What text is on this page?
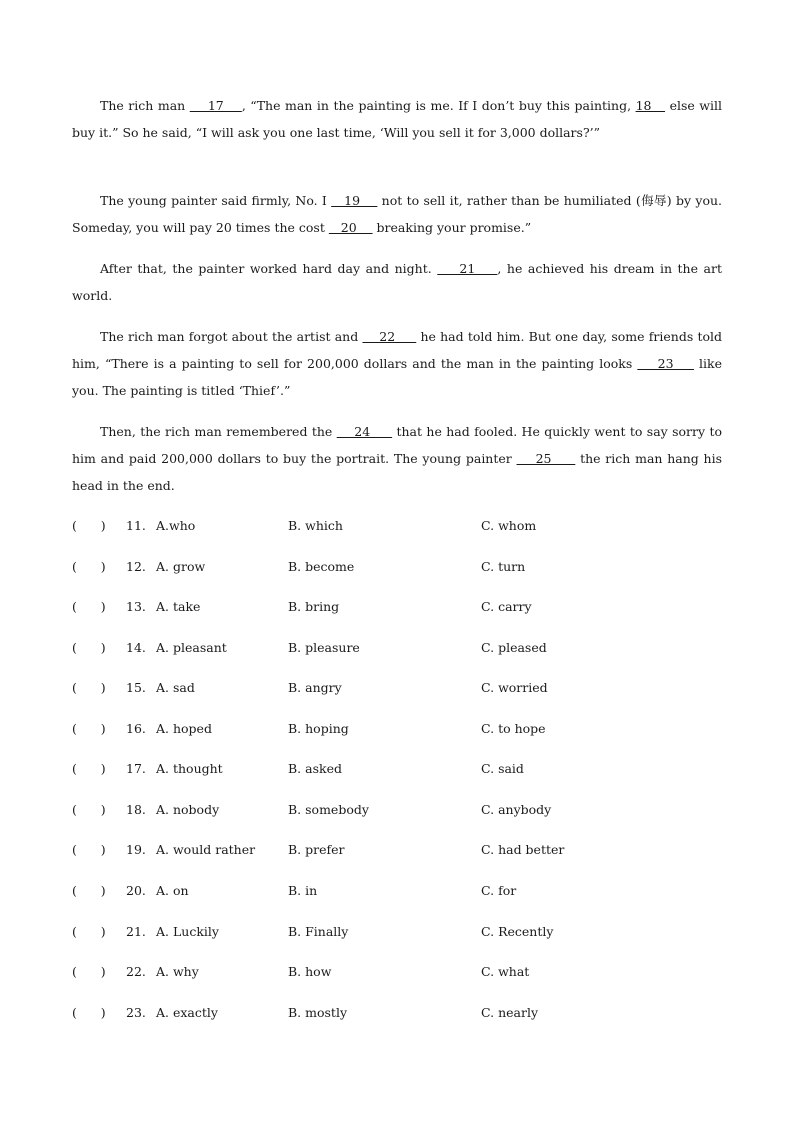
The rich man     17    , “The man in the painting is me. If I don’t buy this painting, 18    else will buy it.” So he said, “I will ask you one last time, ‘Will you sell it for 3,000 dollars?’”

The young painter said firmly, No. I    19     not to sell it, rather than be humiliated (侮辱) by you. Someday, you will pay 20 times the cost    20     breaking your promise.”

After that, the painter worked hard day and night.     21    , he achieved his dream in the art world.

The rich man forgot about the artist and     22      he had told him. But one day, some friends told him, “There is a painting to sell for 200,000 dollars and the man in the painting looks     23     like you. The painting is titled ‘Thief’.”

Then, the rich man remembered the     24      that he had fooled. He quickly went to say sorry to him and paid 200,000 dollars to buy the portrait. The young painter     25      the rich man hang his head in the end.

(      ) 11. A.who	B. which	C. whom
(      ) 12. A. grow	B. become	C. turn
(      ) 13. A. take	B. bring	C. carry
(      ) 14. A. pleasant	B. pleasure	C. pleased
(      ) 15. A. sad	B. angry	C. worried
(      ) 16. A. hoped	B. hoping	C. to hope
(      ) 17. A. thought	B. asked	C. said
(      ) 18. A. nobody	B. somebody	C. anybody
(      ) 19. A. would rather	B. prefer	C. had better
(      ) 20. A. on	B. in	C. for
(      ) 21. A. Luckily	B. Finally	C. Recently
(      ) 22. A. why	B. how	C. what
(      ) 23. A. exactly	B. mostly	C. nearly
